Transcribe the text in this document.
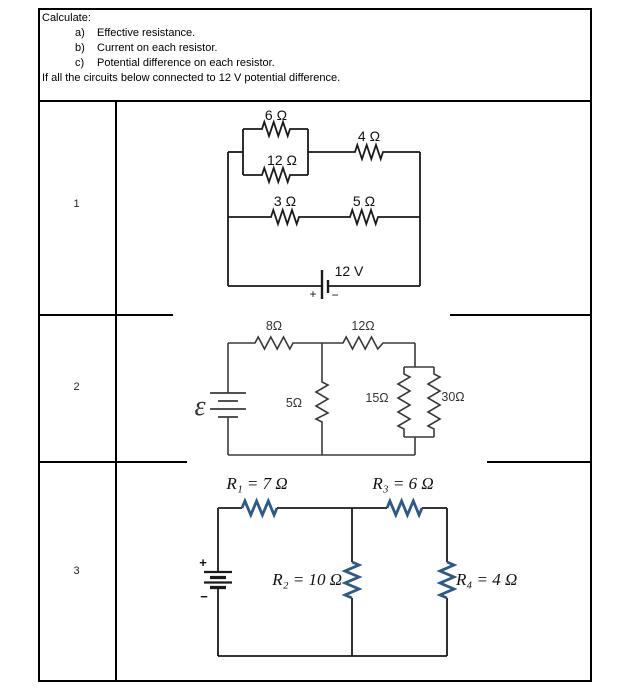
Calculate:
a)	Effective resistance.
b)	Current on each resistor.
c)	Potential difference on each resistor.
If all the circuits below connected to 12 V potential difference.
1
2
3
6 Ω
12 Ω
4 Ω
3 Ω	5 Ω
12 V
+ −
8Ω	12Ω
5Ω	15Ω	30Ω
ε
R₁ = 7 Ω	R₃ = 6 Ω
R₂ = 10 Ω	R₄ = 4 Ω
+
−
